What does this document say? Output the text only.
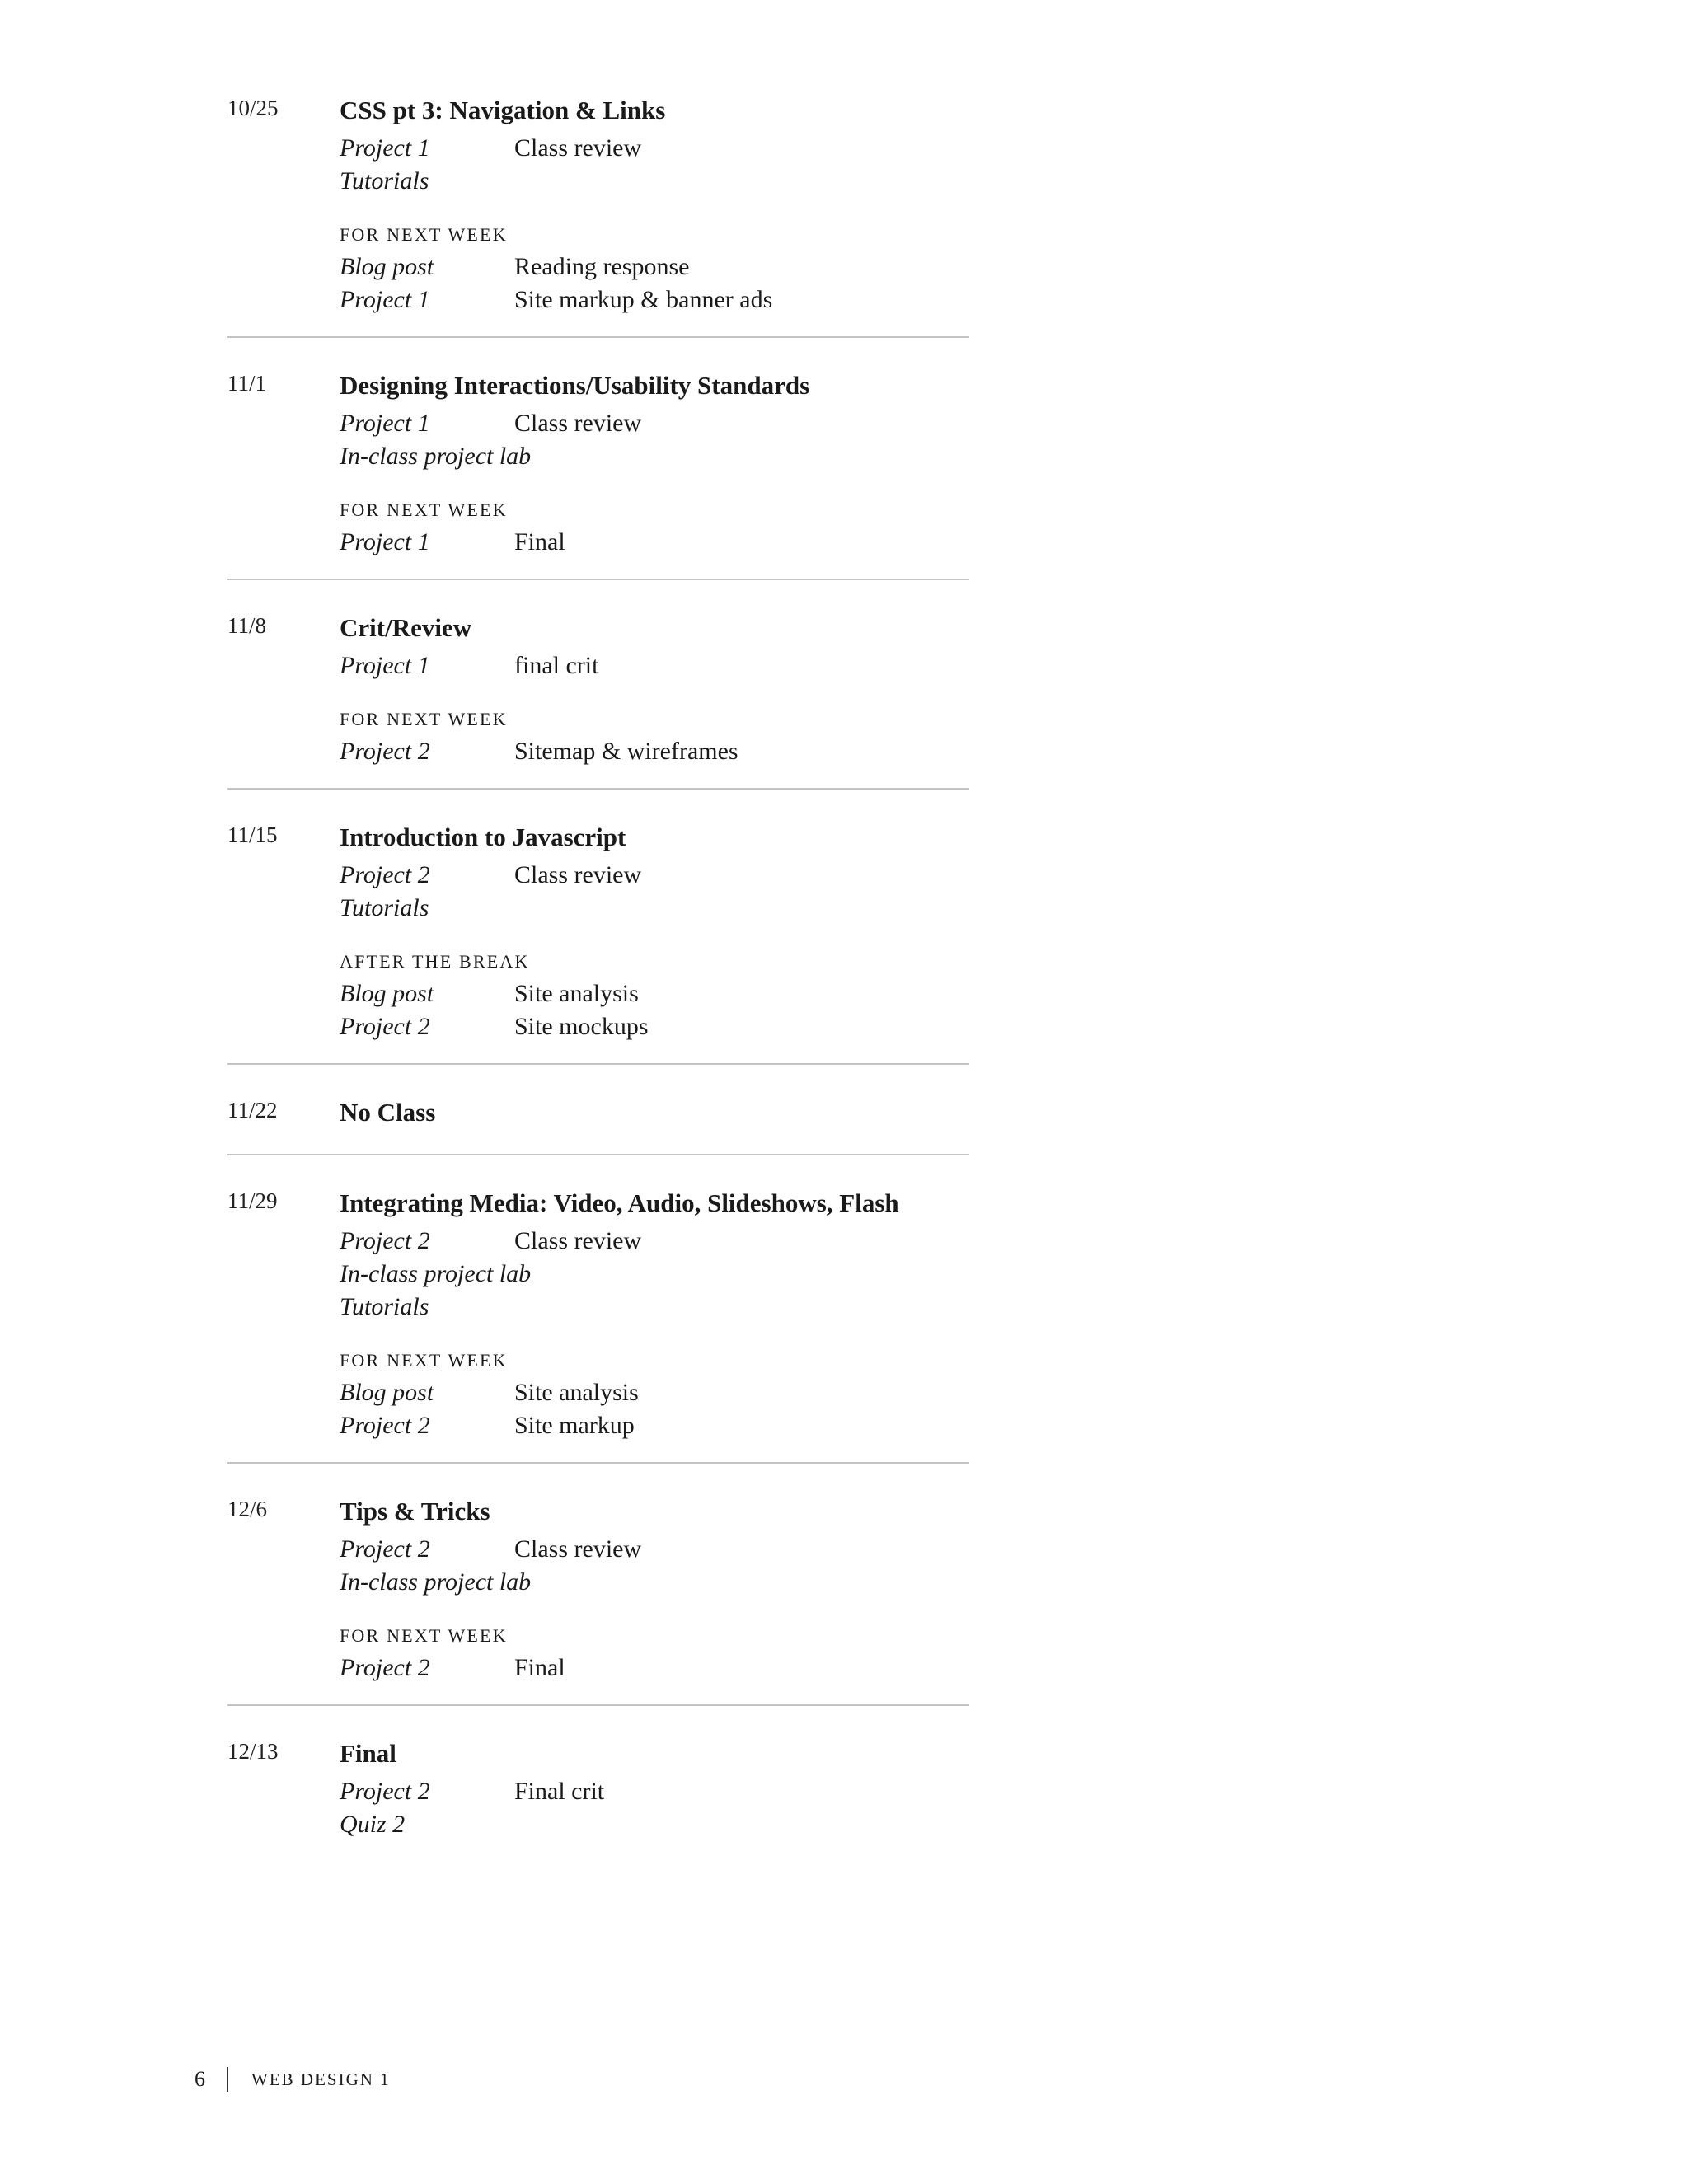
10/25 CSS pt 3: Navigation & Links
Project 1	Class review
Tutorials
FOR NEXT WEEK
Blog post	Reading response
Project 1	Site markup & banner ads
11/1	Designing Interactions/Usability Standards
Project 1	Class review
In-class project lab
FOR NEXT WEEK
Project 1	Final
11/8	Crit/Review
Project 1	final crit
FOR NEXT WEEK
Project 2	Sitemap & wireframes
11/15 Introduction to Javascript
Project 2	Class review
Tutorials
AFTER THE BREAK
Blog post	Site analysis
Project 2	Site mockups
11/22 No Class
11/29 Integrating Media: Video, Audio, Slideshows, Flash
Project 2	Class review
In-class project lab
Tutorials
FOR NEXT WEEK
Blog post	Site analysis
Project 2	Site markup
12/6	Tips & Tricks
Project 2	Class review
In-class project lab
FOR NEXT WEEK
Project 2	Final
12/13 Final
Project 2	Final crit
Quiz 2
6	WEB DESIGN 1
